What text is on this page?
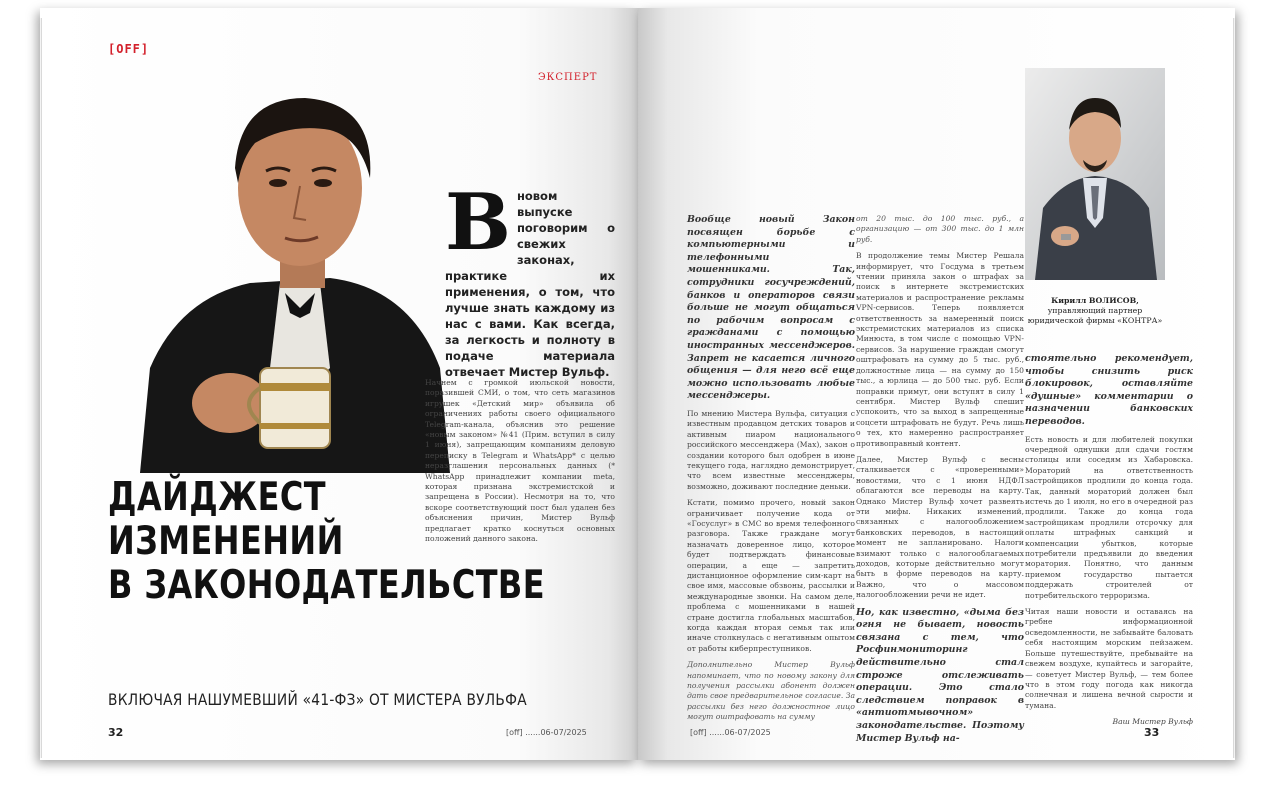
[OFF]
ЭКСПЕРТ
В новом выпуске поговорим о свежих законах, практике их применения, о том, что лучше знать каждому из нас с вами. Как всегда, за легкость и полноту в подаче материала отвечает Мистер Вульф.

Начнем с громкой июльской новости, поразившей СМИ, о том, что сеть магазинов игрушек «Детский мир» объявила об ограничениях работы своего официального Telegram-канала, объяснив это решение «новым законом» №41 (Прим. вступил в силу 1 июня), запрещающим компаниям деловую переписку в Telegram и WhatsApp* с целью неразглашения персональных данных (* WhatsApp принадлежит компании meta, которая признана экстремистской и запрещена в России). Несмотря на то, что вскоре соответствующий пост был удален без объяснения причин, Мистер Вульф предлагает кратко коснуться основных положений данного закона.

ДАЙДЖЕСТ
ИЗМЕНЕНИЙ
В ЗАКОНОДАТЕЛЬСТВЕ
ВКЛЮЧАЯ НАШУМЕВШИЙ «41-ФЗ» ОТ МИСТЕРА ВУЛЬФА
32	[off] ......06-07/2025
Кирилл ВОЛИСОВ,
управляющий партнер юридической фирмы «КОНТРА»

Вообще новый Закон посвящен борьбе с компьютерными и телефонными мошенниками. Так, сотрудники госучреждений, банков и операторов связи больше не могут общаться по рабочим вопросам с гражданами с помощью иностранных мессенджеров. Запрет не касается личного общения — для него всё еще можно использовать любые мессенджеры.

По мнению Мистера Вульфа, ситуация с известным продавцом детских товаров и активным пиаром национального российского мессенджера (Max), закон о создании которого был одобрен в июне текущего года, наглядно демонстрирует, что всем известные мессенджеры, возможно, доживают последние деньки.

Кстати, помимо прочего, новый закон ограничивает получение кода от «Госуслуг» в СМС во время телефонного разговора. Также граждане могут назначать доверенное лицо, которое будет подтверждать финансовые операции, а еще — запретить дистанционное оформление сим-карт на свое имя, массовые обзвоны, рассылки и международные звонки. На самом деле, проблема с мошенниками в нашей стране достигла глобальных масштабов, когда каждая вторая семья так или иначе столкнулась с негативным опытом от работы киберпреступников.

Дополнительно Мистер Вульф напоминает, что по новому закону для получения рассылки абонент должен дать свое предварительное согласие. За рассылки без него должностное лицо могут оштрафовать на сумму

от 20 тыс. до 100 тыс. руб., а организацию — от 300 тыс. до 1 млн руб.

В продолжение темы Мистер Решала информирует, что Госдума в третьем чтении приняла закон о штрафах за поиск в интернете экстремистских материалов и распространение рекламы VPN-сервисов. Теперь появляется ответственность за намеренный поиск экстремистских материалов из списка Минюста, в том числе с помощью VPN-сервисов. За нарушение граждан смогут оштрафовать на сумму до 5 тыс. руб., должностные лица — на сумму до 150 тыс., а юрлица — до 500 тыс. руб. Если поправки примут, они вступят в силу 1 сентября. Мистер Вульф спешит успокоить, что за выход в запрещенные соцсети штрафовать не будут. Речь лишь о тех, кто намеренно распространяет противоправный контент.

Далее, Мистер Вульф с весны сталкивается с «проверенными» новостями, что с 1 июня НДФЛ облагаются все переводы на карту. Однако Мистер Вульф хочет развеять эти мифы. Никаких изменений, связанных с налогообложением банковских переводов, в настоящий момент не запланировано. Налоги взимают только с налогооблагаемых доходов, которые действительно могут быть в форме переводов на карту. Важно, что о массовом налогообложении речи не идет.

Но, как известно, «дыма без огня не бывает, новость связана с тем, что Росфинмониторинг действительно стал строже отслеживать операции. Это стало следствием поправок в «антиотмывочном» законодательстве. Поэтому Мистер Вульф на-

стоятельно рекомендует, чтобы снизить риск блокировок, оставляйте «душные» комментарии о назначении банковских переводов.

Есть новость и для любителей покупки очередной однушки для сдачи гостям столицы или соседям из Хабаровска. Мораторий на ответственность застройщиков продлили до конца года. Так, данный мораторий должен был истечь до 1 июля, но его в очередной раз продлили. Также до конца года застройщикам продлили отсрочку для оплаты штрафных санкций и компенсации убытков, которые потребители предъявили до введения моратория. Понятно, что данным приемом государство пытается поддержать строителей от потребительского терроризма.

Читая наши новости и оставаясь на гребне информационной осведомленности, не забывайте баловать себя настоящим морским пейзажем. Больше путешествуйте, пребывайте на свежем воздухе, купайтесь и загорайте, — советует Мистер Вульф, — тем более что в этом году погода как никогда солнечная и лишена вечной сырости и тумана.

Ваш Мистер Вульф

[off] ......06-07/2025	33
